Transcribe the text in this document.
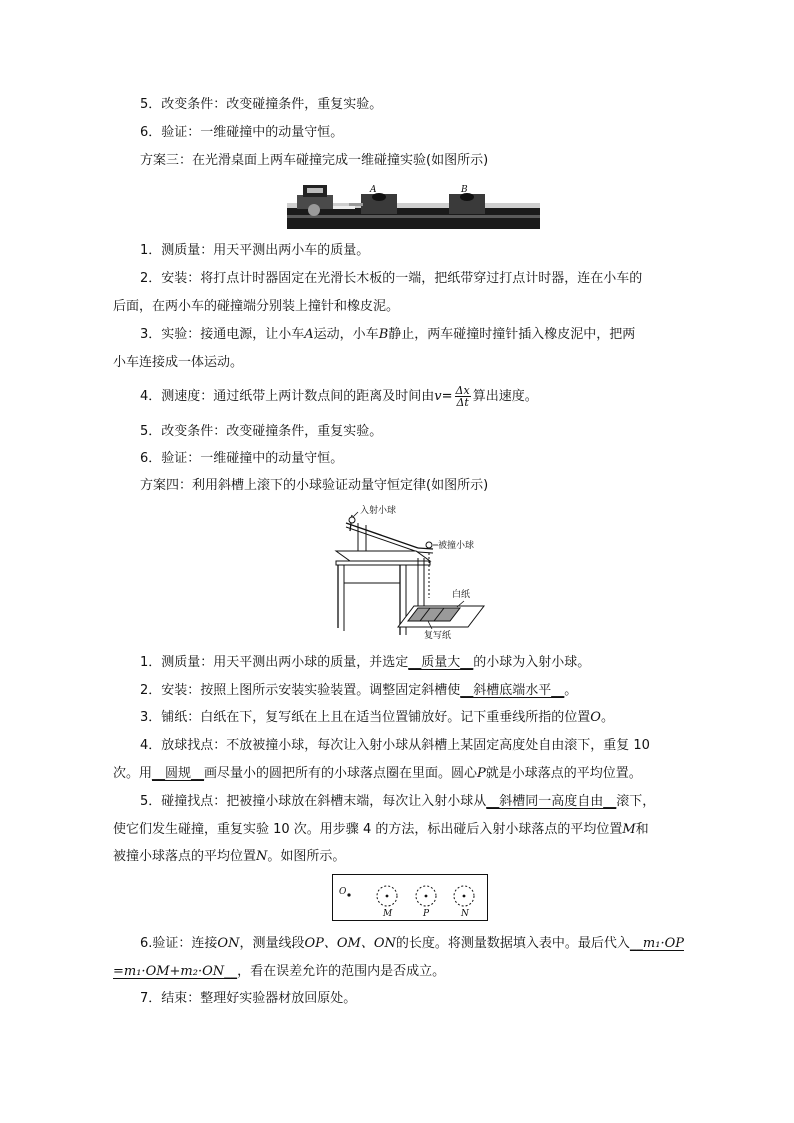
5．改变条件：改变碰撞条件，重复实验。
6．验证：一维碰撞中的动量守恒。
方案三：在光滑桌面上两车碰撞完成一维碰撞实验(如图所示)
A	B
1．测质量：用天平测出两小车的质量。
2．安装：将打点计时器固定在光滑长木板的一端，把纸带穿过打点计时器，连在小车的
后面，在两小车的碰撞端分别装上撞针和橡皮泥。
3．实验：接通电源，让小车A运动，小车B静止，两车碰撞时撞针插入橡皮泥中，把两
小车连接成一体运动。
4．测速度：通过纸带上两计数点间的距离及时间由$v= \frac{\Delta x}{\Delta t}$ 算出速度。
5．改变条件：改变碰撞条件，重复实验。
6．验证：一维碰撞中的动量守恒。
方案四：利用斜槽上滚下的小球验证动量守恒定律(如图所示)
入射小球
被撞小球
白纸
复写纸
1．测质量：用天平测出两小球的质量，并选定__质量大__的小球为入射小球。
2．安装：按照上图所示安装实验装置。调整固定斜槽使__斜槽底端水平__。
3．铺纸：白纸在下，复写纸在上且在适当位置铺放好。记下重垂线所指的位置O。
4．放球找点：不放被撞小球，每次让入射小球从斜槽上某固定高度处自由滚下，重复 10
次。用__圆规__画尽量小的圆把所有的小球落点圈在里面。圆心P就是小球落点的平均位置。
5．碰撞找点：把被撞小球放在斜槽末端，每次让入射小球从__斜槽同一高度自由__滚下，
使它们发生碰撞，重复实验 10 次。用步骤 4 的方法，标出碰后入射小球落点的平均位置M和
被撞小球落点的平均位置N。如图所示。
O
M	P	N
6.验证：连接ON，测量线段OP、OM、ON的长度。将测量数据填入表中。最后代入__m₁·OP
=m₁·OM+m₂·ON__，看在误差允许的范围内是否成立。
7．结束：整理好实验器材放回原处。
